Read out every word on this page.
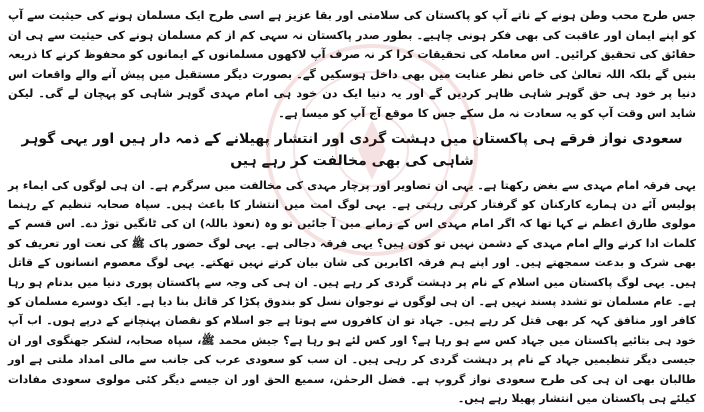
جس طرح محب وطن ہونے کے ناتے آپ کو پاکستان کی سلامتی اور بقا عزیز ہے اسی طرح ایک مسلمان ہونے کی حیثیت سے آپ کو اپنے ایمان اور عاقبت کی بھی فکر ہونی چاہیے۔ بطور صدر پاکستان نہ سہی کم از کم مسلمان ہونے کی حیثیت سے ہی ان حقائق کی تحقیق کرائیں۔ اس معاملہ کی تحقیقات کرا کر نہ صرف آپ لاکھوں مسلمانوں کے ایمانوں کو محفوظ کرنے کا ذریعہ بنیں گے بلکہ اللہ تعالیٰ کی خاص نظر عنایت میں بھی داخل ہوسکیں گے۔ بصورت دیگر مستقبل میں پیش آنے والے واقعات اس دنیا پر خود ہی حق گوہر شاہی ظاہر کردیں گے اور یہ دنیا ایک دن خود ہی امام مہدی گوہر شاہی کو پہچان لے گی۔ لیکن شاید اس وقت آپ کو یہ سعادت نہ مل سکے جس کا موقع آج آپ کو میسا ہے۔

سعودی نواز فرقے ہی پاکستان میں دہشت گردی اور انتشار پھیلانے کے ذمہ دار ہیں اور یہی گوہر شاہی کی بھی مخالفت کر رہے ہیں

یہی فرقہ امام مہدی سے بغض رکھتا ہے۔ یہی ان تصاویر اور پرچار مہدی کی مخالفت میں سرگرم ہے۔ ان ہی لوگوں کی ایماء پر پولیس آئے دن ہمارے کارکنان کو گرفتار کرتی رہتی ہے۔ یہی لوگ امت میں انتشار کا باعث ہیں۔ سپاہ صحابہ تنظیم کے رہنما مولوی طارق اعظم نے کہا تھا کہ اگر امام مہدی اس کے زمانے میں آ جائیں تو وہ (نعوذ باللہ) ان کی ٹانگیں توڑ دے۔ اس قسم کے کلمات ادا کرنے والے امام مہدی کے دشمن نہیں تو کون ہیں؟ یہی فرقہ دجالی ہے۔ یہی لوگ حضور پاک ﷺ کی نعت اور تعریف کو بھی شرک و بدعت سمجھتے ہیں۔ اور اپنے ہم فرقہ اکابرین کی شان بیان کرتے نہیں تھکتے۔ یہی لوگ معصوم انسانوں کے قاتل ہیں۔ یہی لوگ پاکستان میں اسلام کے نام پر دہشت گردی کر رہے ہیں۔ ان ہی کی وجہ سے پاکستان پوری دنیا میں بدنام ہو رہا ہے۔ عام مسلمان تو تشدد پسند نہیں ہے۔ ان ہی لوگوں نے نوجوان نسل کو بندوق پکڑا کر قاتل بنا دیا ہے۔ ایک دوسرے مسلمان کو کافر اور منافق کہہ کر بھی قتل کر رہے ہیں۔ جہاد تو ان کافروں سے ہوتا ہے جو اسلام کو نقصان پہنچانے کے درپے ہوں۔ اب آپ خود ہی بتائیے پاکستان میں جہاد کس سے ہو رہا ہے؟ اور کس لئے ہو رہا ہے؟ جیش محمد ﷺ، سپاہ صحابہ، لشکر جھنگوی اور ان جیسی دیگر تنظیمیں جہاد کے نام پر دہشت گردی کر رہی ہیں۔ ان سب کو سعودی عرب کی جانب سے مالی امداد ملتی ہے اور طالبان بھی ان ہی کی طرح سعودی نواز گروپ ہے۔ فضل الرحمٰن، سمیع الحق اور ان جیسے دیگر کئی مولوی سعودی مفادات کیلئے ہی پاکستان میں انتشار پھیلا رہے ہیں۔
